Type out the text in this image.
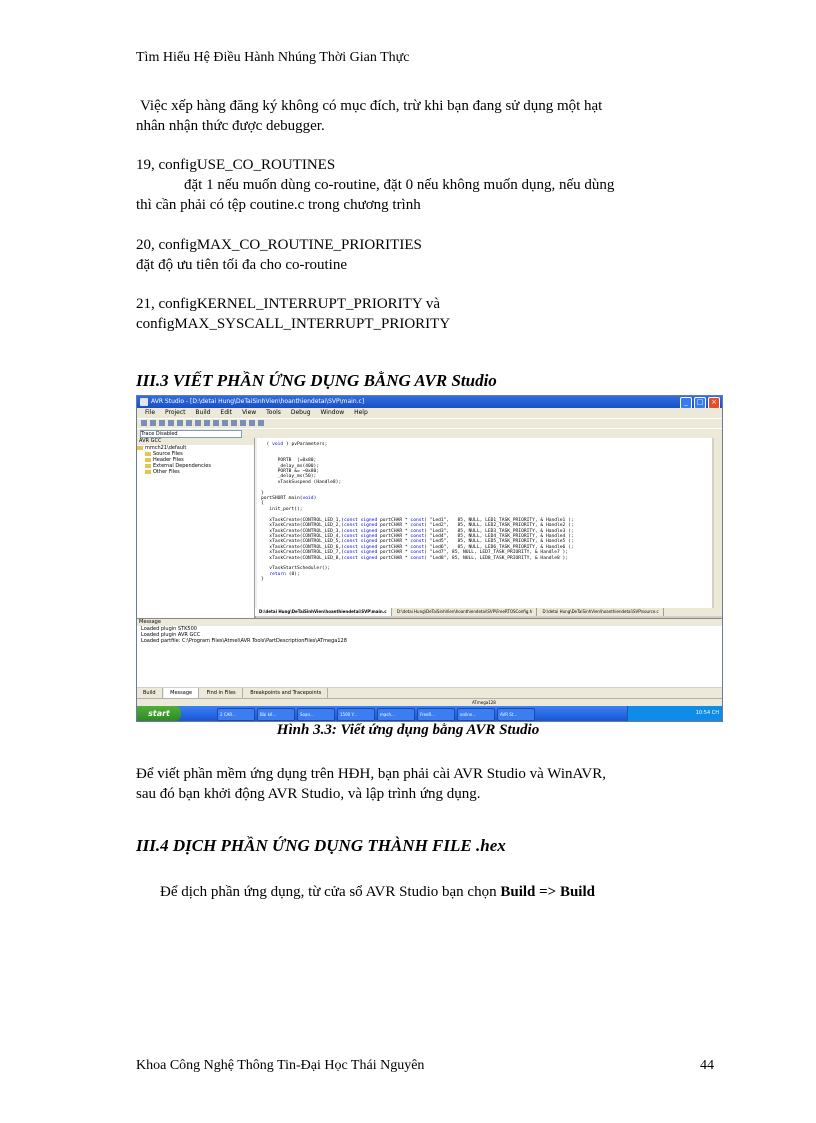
Tìm Hiểu Hệ Điều Hành Nhúng Thời Gian Thực
Việc xếp hàng đăng ký không có mục đích, trừ khi bạn đang sử dụng một hạt
nhân nhận thức được debugger.
19, configUSE_CO_ROUTINES
đặt 1 nếu muốn dùng co-routine, đặt 0 nếu không muốn dụng, nếu dùng
thì cần phải có tệp coutine.c trong chương trình
20, configMAX_CO_ROUTINE_PRIORITIES
đặt độ ưu tiên tối đa cho co-routine
21, configKERNEL_INTERRUPT_PRIORITY và
configMAX_SYSCALL_INTERRUPT_PRIORITY
III.3 VIẾT PHẦN ỨNG DỤNG BẰNG AVR Studio
AVR Studio - [D:\detai Hung\DeTaiSinhVien\hoanthiendetai\SVP\main.c]	_	□	×
File Project Build Edit View Tools Debug Window Help
Trace Disabled
AVR GCC
mmch21\default
Source Files
Header Files
External Dependencies
Other Files
( void ) pvParameters;

PORTB  |=0x80;
_delay_ms(400);
PORTB &= ~0x80;
_delay_ms(50);
vTaskSuspend (Handle8);

}
portSHORT main(void)
{
init_port();

xTaskCreate(CONTROL_LED_1,(const signed portCHAR * const) "Led1",   85, NULL, LED1_TASK_PRIORITY, & Handle1 );
xTaskCreate(CONTROL_LED_2,(const signed portCHAR * const) "Led2",   85, NULL, LED2_TASK_PRIORITY, & Handle2 );
xTaskCreate(CONTROL_LED_3,(const signed portCHAR * const) "Led3",   85, NULL, LED3_TASK_PRIORITY, & Handle3 );
xTaskCreate(CONTROL_LED_4,(const signed portCHAR * const) "Led4",   85, NULL, LED4_TASK_PRIORITY, & Handle4 );
xTaskCreate(CONTROL_LED_5,(const signed portCHAR * const) "Led5",   85, NULL, LED5_TASK_PRIORITY, & Handle5 );
xTaskCreate(CONTROL_LED_6,(const signed portCHAR * const) "Led6",   85, NULL, LED6_TASK_PRIORITY, & Handle6 );
xTaskCreate(CONTROL_LED_7,(const signed portCHAR * const) "Led7", 85, NULL, LED7_TASK_PRIORITY, & Handle7 );
xTaskCreate(CONTROL_LED_8,(const signed portCHAR * const) "Led8", 85, NULL, LED8_TASK_PRIORITY, & Handle8 );

vTaskStartScheduler();
return (0);
}
D:\detai Hung\DeTaiSinhVien\hoanthiendetai\SVP\main.c	D:\detai Hung\DeTaiSinhVien\hoanthiendetai\SVP\FreeRTOSConfig.h	D:\detai Hung\DeTaiSinhVien\hoanthiendetai\SVP\source.c
Message
Loaded plugin STK500
Loaded plugin AVR GCC
Loaded partfile: C:\Program Files\Atmel\AVR Tools\PartDescriptionFiles\ATmega128
Build	Message	Find in Files	Breakpoints and Tracepoints
ATmega128
start	2 CAR...	Bài kế...	Soạn...	1500 Y...	mạch...	FreeR...	online...	AVR St...	10:54 CH
Hình 3.3: Viết ứng dụng bằng AVR Studio
Để viết phần mềm ứng dụng trên HĐH, bạn phải cài AVR Studio và WinAVR,
sau đó bạn khởi động AVR Studio, và lập trình ứng dụng.
III.4 DỊCH PHẦN ỨNG DỤNG THÀNH FILE .hex
Để dịch phần ứng dụng, từ cửa sổ AVR Studio bạn chọn Build => Build
Khoa Công Nghệ Thông Tin-Đại Học Thái Nguyên	44
